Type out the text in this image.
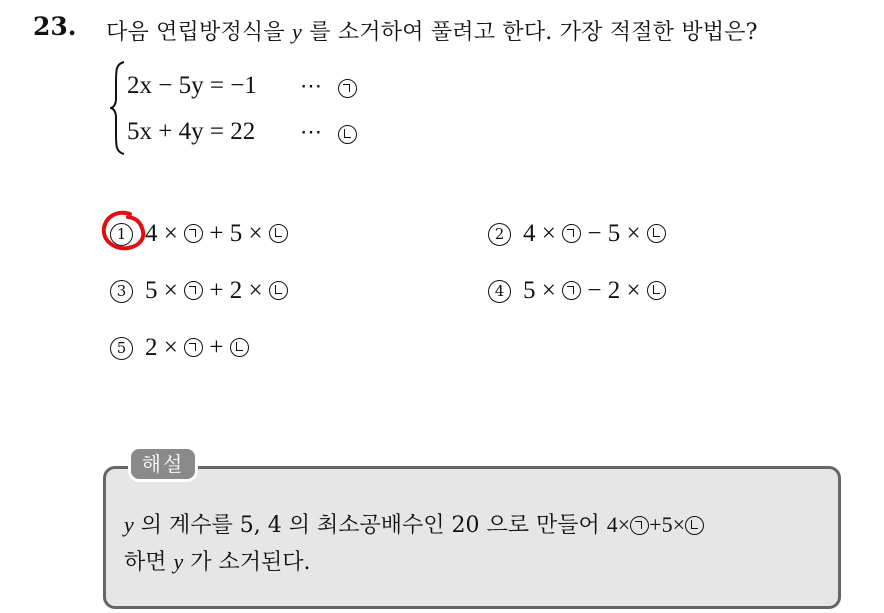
23. 다음 연립방정식을 y 를 소거하여 풀려고 한다. 가장 적절한 방법은?
2x − 5y = −1 ⋯
5x + 4y = 22 ⋯
1 4 ×
+ 5 ×	2 4 ×
− 5 ×
3 5 ×
+ 2 ×	4 5 ×
− 2 ×
5 2 ×
+
해설
y 의 계수를 5, 4 의 최소공배수인 20 으로 만들어 4× +5×
하면 y 가 소거된다.
